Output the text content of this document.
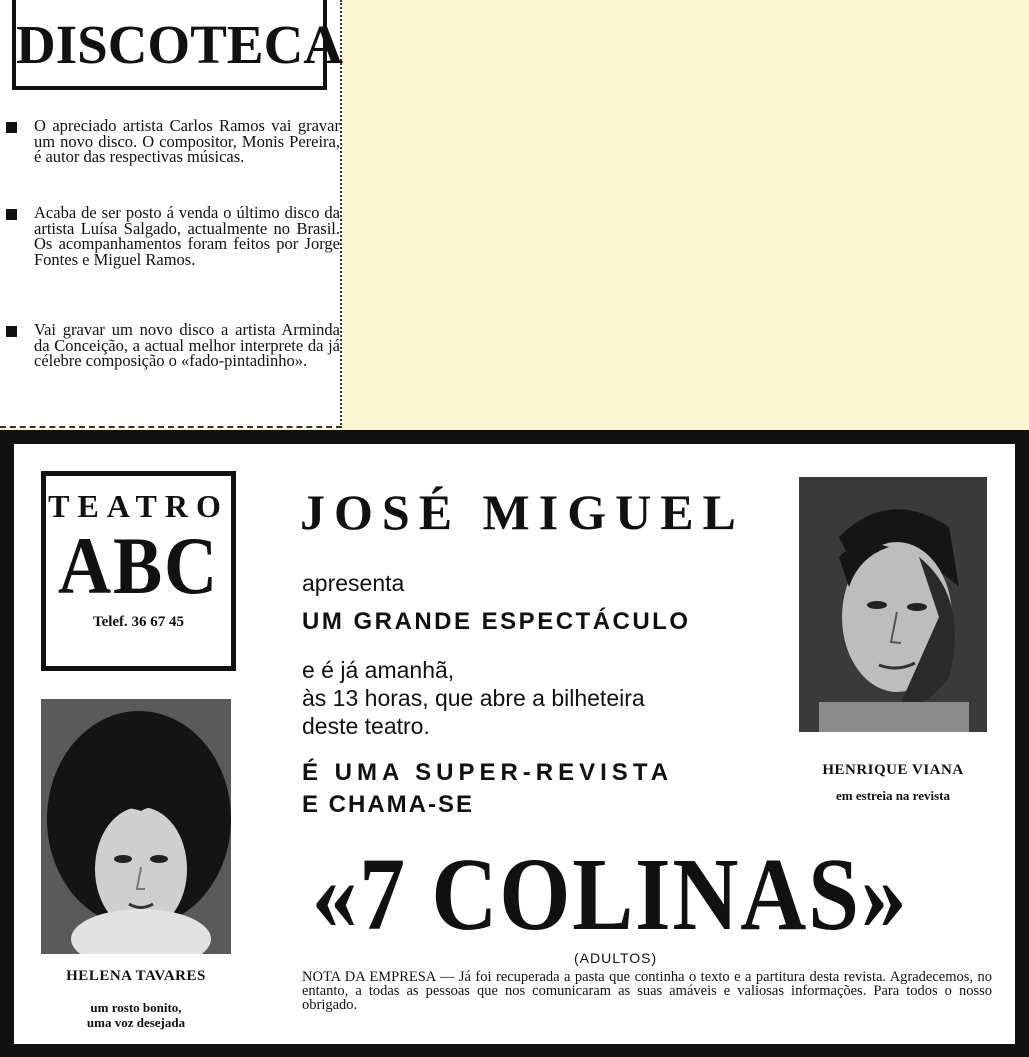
DISCOTECA

O apreciado artista Carlos Ramos vai gravar um novo disco. O compositor, Monis Pereira, é autor das respectivas músicas.

Acaba de ser posto á venda o último disco da artista Luísa Salgado, actualmente no Brasil. Os acompanhamentos foram feitos por Jorge Fontes e Miguel Ramos.

Vai gravar um novo disco a artista Arminda da Conceição, a actual melhor interprete da já célebre composição o «fado-pintadinho».

TEATRO
ABC
Telef. 36 67 45
HELENA TAVARES
um rosto bonito,
uma voz desejada
HENRIQUE VIANA
em estreia na revista
JOSÉ MIGUEL
apresenta
UM GRANDE ESPECTÁCULO
e é já amanhã,
às 13 horas, que abre a bilheteira
deste teatro.
É UMA SUPER-REVISTA
E CHAMA-SE
«7 COLINAS»
(ADULTOS)
NOTA DA EMPRESA — Já foi recuperada a pasta que continha o texto e a partitura desta revista. Agradecemos, no entanto, a todas as pessoas que nos comunicaram as suas amáveis e valiosas informações. Para todos o nosso obrigado.
